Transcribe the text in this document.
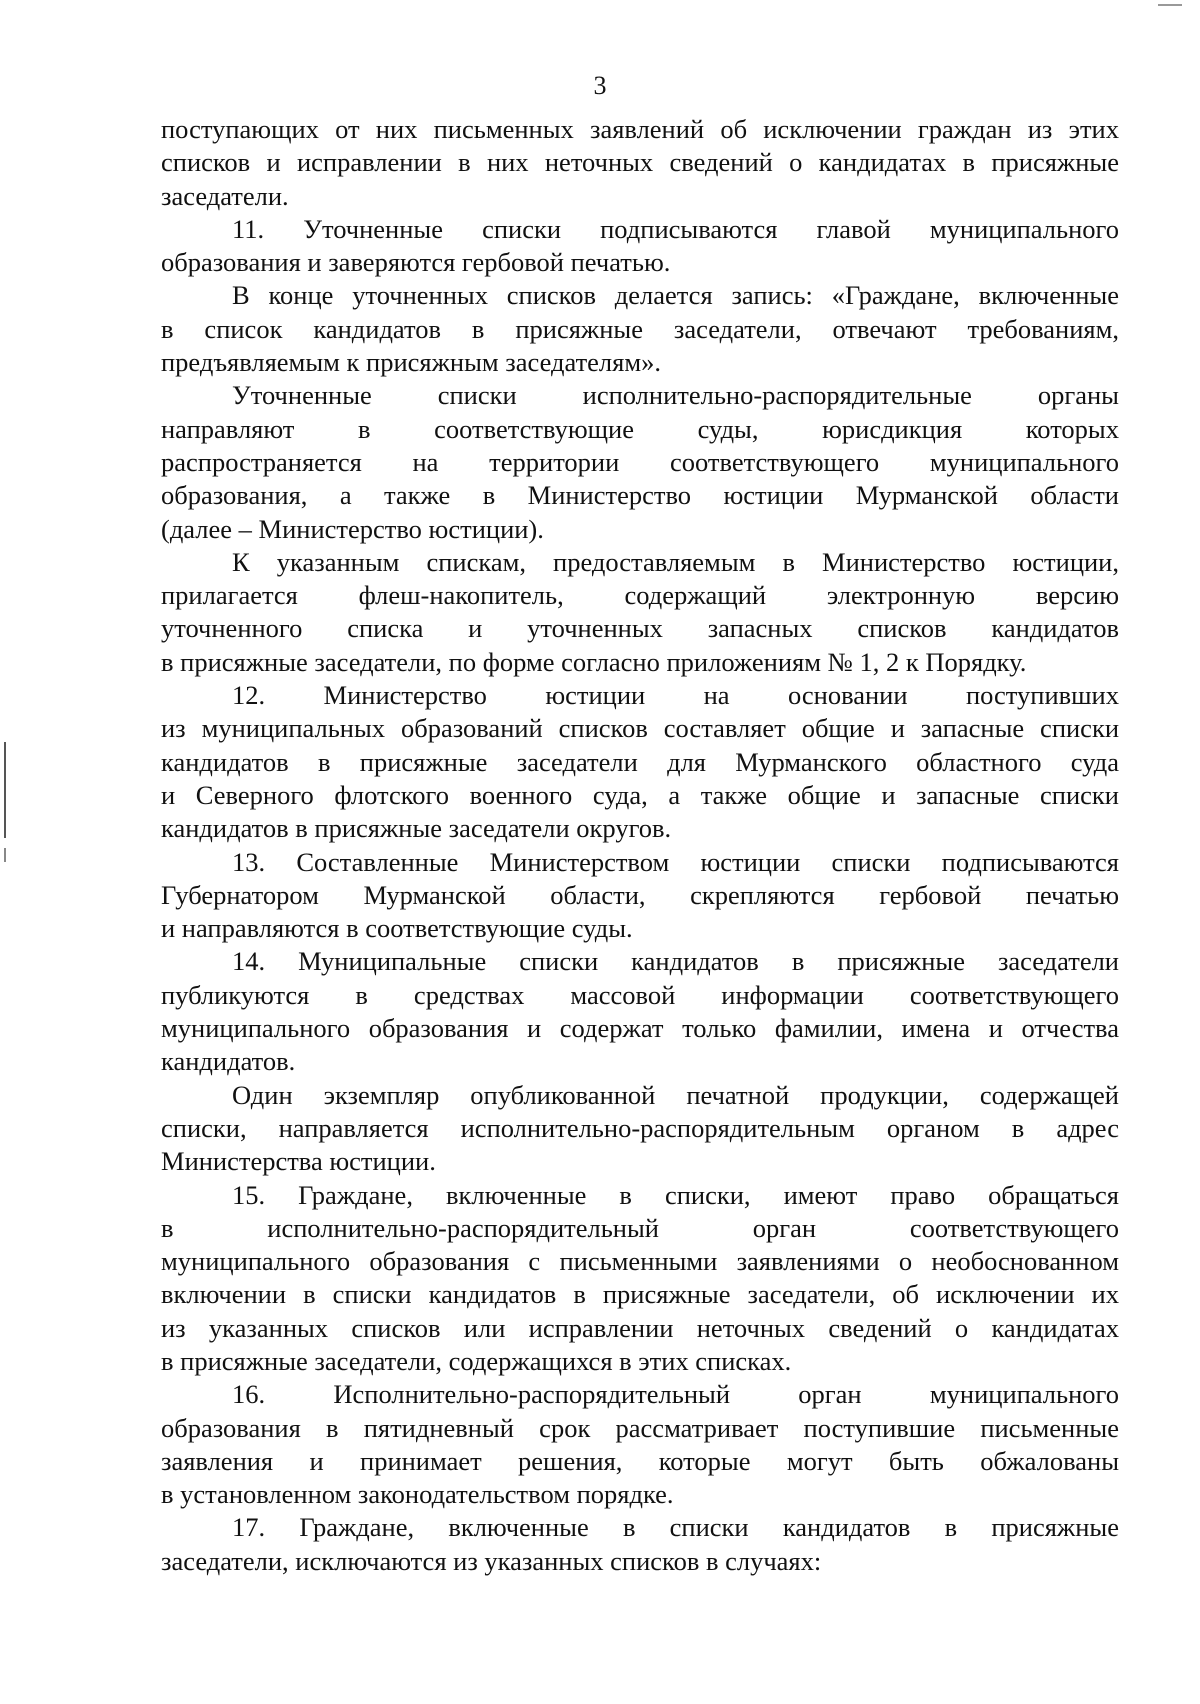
3

поступающих от них письменных заявлений об исключении граждан из этих
списков и исправлении в них неточных сведений о кандидатах в присяжные
заседатели.

11. Уточненные списки подписываются главой муниципального
образования и заверяются гербовой печатью.

В конце уточненных списков делается запись: «Граждане, включенные
в список кандидатов в присяжные заседатели, отвечают требованиям,
предъявляемым к присяжным заседателям».

Уточненные списки исполнительно-распорядительные органы
направляют в соответствующие суды, юрисдикция которых
распространяется на территории соответствующего муниципального
образования, а также в Министерство юстиции Мурманской области
(далее – Министерство юстиции).

К указанным спискам, предоставляемым в Министерство юстиции,
прилагается флеш-накопитель, содержащий электронную версию
уточненного списка и уточненных запасных списков кандидатов
в присяжные заседатели, по форме согласно приложениям № 1, 2 к Порядку.

12. Министерство юстиции на основании поступивших
из муниципальных образований списков составляет общие и запасные списки
кандидатов в присяжные заседатели для Мурманского областного суда
и Северного флотского военного суда, а также общие и запасные списки
кандидатов в присяжные заседатели округов.

13. Составленные Министерством юстиции списки подписываются
Губернатором Мурманской области, скрепляются гербовой печатью
и направляются в соответствующие суды.

14. Муниципальные списки кандидатов в присяжные заседатели
публикуются в средствах массовой информации соответствующего
муниципального образования и содержат только фамилии, имена и отчества
кандидатов.

Один экземпляр опубликованной печатной продукции, содержащей
списки, направляется исполнительно-распорядительным органом в адрес
Министерства юстиции.

15. Граждане, включенные в списки, имеют право обращаться
в исполнительно-распорядительный орган соответствующего
муниципального образования с письменными заявлениями о необоснованном
включении в списки кандидатов в присяжные заседатели, об исключении их
из указанных списков или исправлении неточных сведений о кандидатах
в присяжные заседатели, содержащихся в этих списках.

16. Исполнительно-распорядительный орган муниципального
образования в пятидневный срок рассматривает поступившие письменные
заявления и принимает решения, которые могут быть обжалованы
в установленном законодательством порядке.

17. Граждане, включенные в списки кандидатов в присяжные
заседатели, исключаются из указанных списков в случаях:
